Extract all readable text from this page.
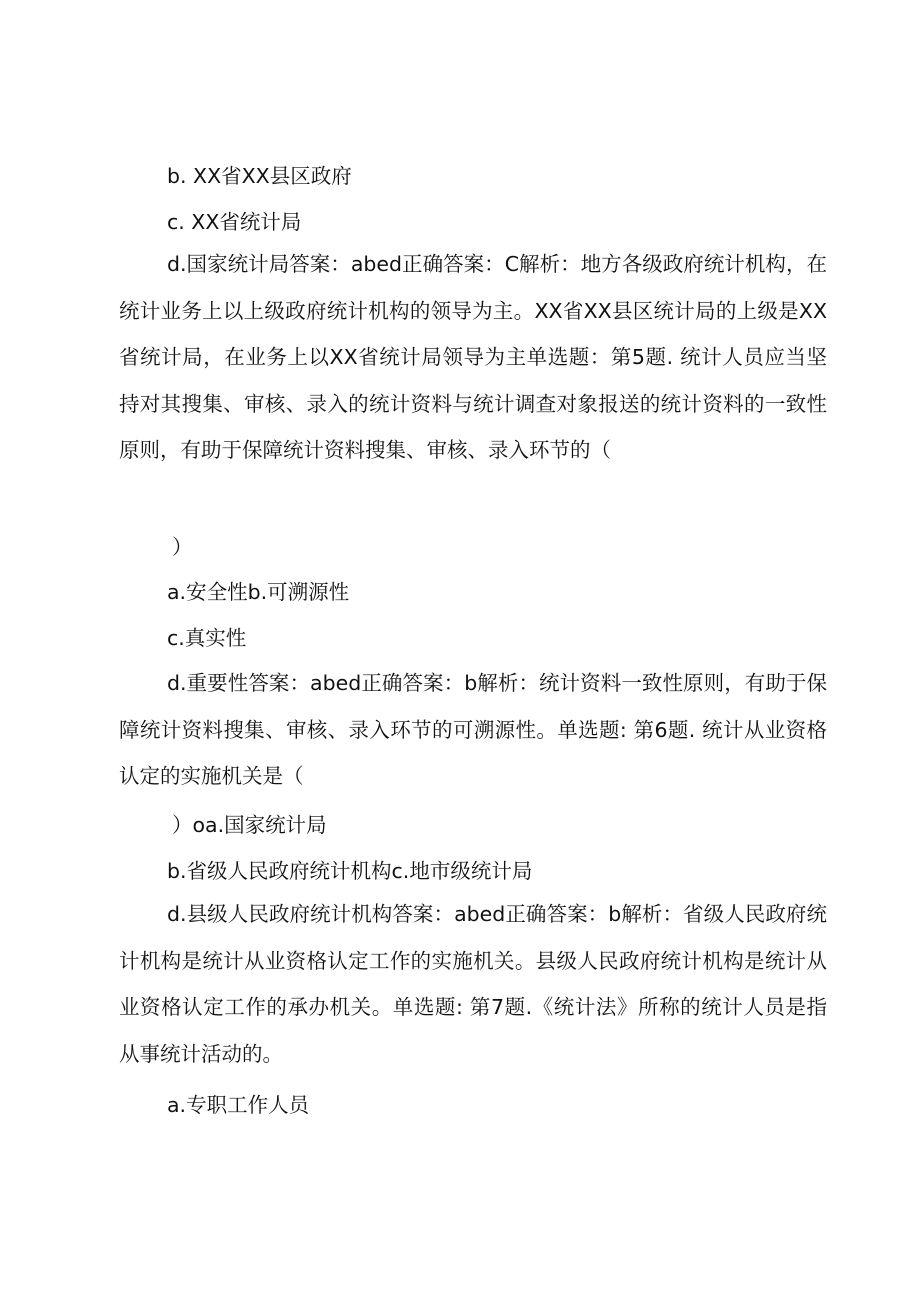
b. XX省XX县区政府
c. XX省统计局
d.国家统计局答案：abed正确答案：C解析：地方各级政府统计机构，在统计业务上以上级政府统计机构的领导为主。XX省XX县区统计局的上级是XX省统计局，在业务上以XX省统计局领导为主单选题：第5题. 统计人员应当坚持对其搜集、审核、录入的统计资料与统计调查对象报送的统计资料的一致性原则，有助于保障统计资料搜集、审核、录入环节的（
）
a.安全性b.可溯源性
c.真实性
d.重要性答案：abed正确答案：b解析：统计资料一致性原则，有助于保障统计资料搜集、审核、录入环节的可溯源性。单选题: 第6题. 统计从业资格认定的实施机关是（
）oa.国家统计局
b.省级人民政府统计机构c.地市级统计局
d.县级人民政府统计机构答案：abed正确答案：b解析：省级人民政府统计机构是统计从业资格认定工作的实施机关。县级人民政府统计机构是统计从业资格认定工作的承办机关。单选题: 第7题.《统计法》所称的统计人员是指从事统计活动的。
a.专职工作人员
